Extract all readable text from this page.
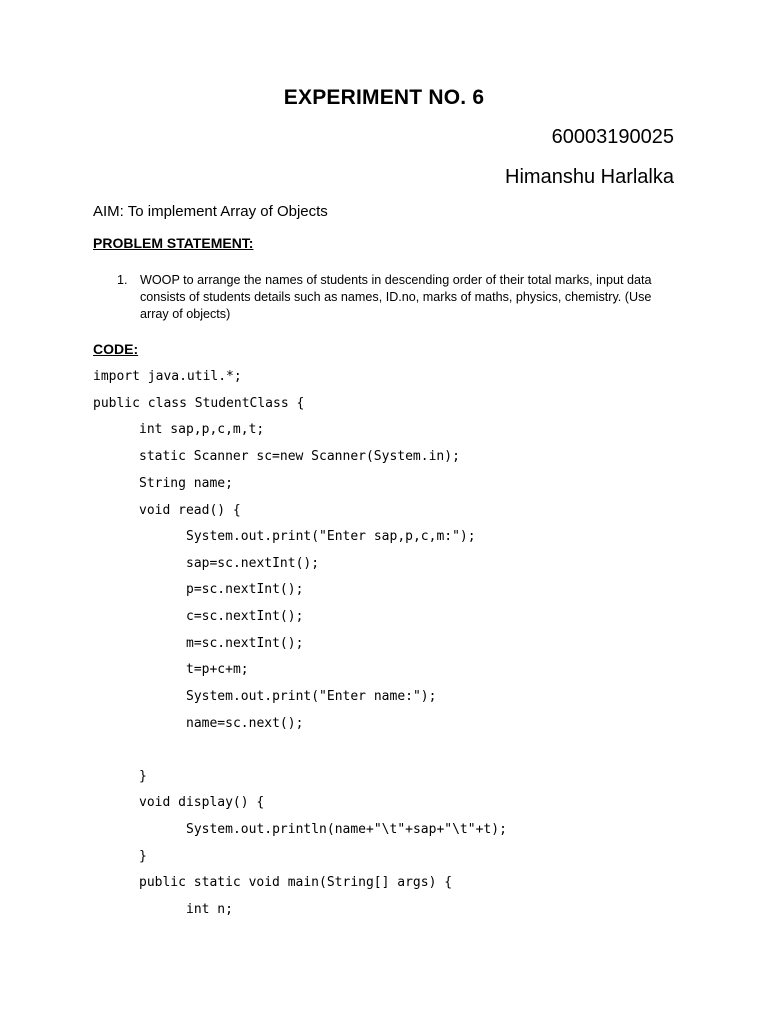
EXPERIMENT NO. 6
60003190025
Himanshu Harlalka
AIM: To implement Array of Objects
PROBLEM STATEMENT:
1. WOOP to arrange the names of students in descending order of their total marks, input data consists of students details such as names, ID.no, marks of maths, physics, chemistry. (Use array of objects)
CODE:
import java.util.*;
public class StudentClass {
int sap,p,c,m,t;
static Scanner sc=new Scanner(System.in);
String name;
void read() {
System.out.print("Enter sap,p,c,m:");
sap=sc.nextInt();
p=sc.nextInt();
c=sc.nextInt();
m=sc.nextInt();
t=p+c+m;
System.out.print("Enter name:");
name=sc.next();
}
void display() {
System.out.println(name+"\t"+sap+"\t"+t);
}
public static void main(String[] args) {
int n;
